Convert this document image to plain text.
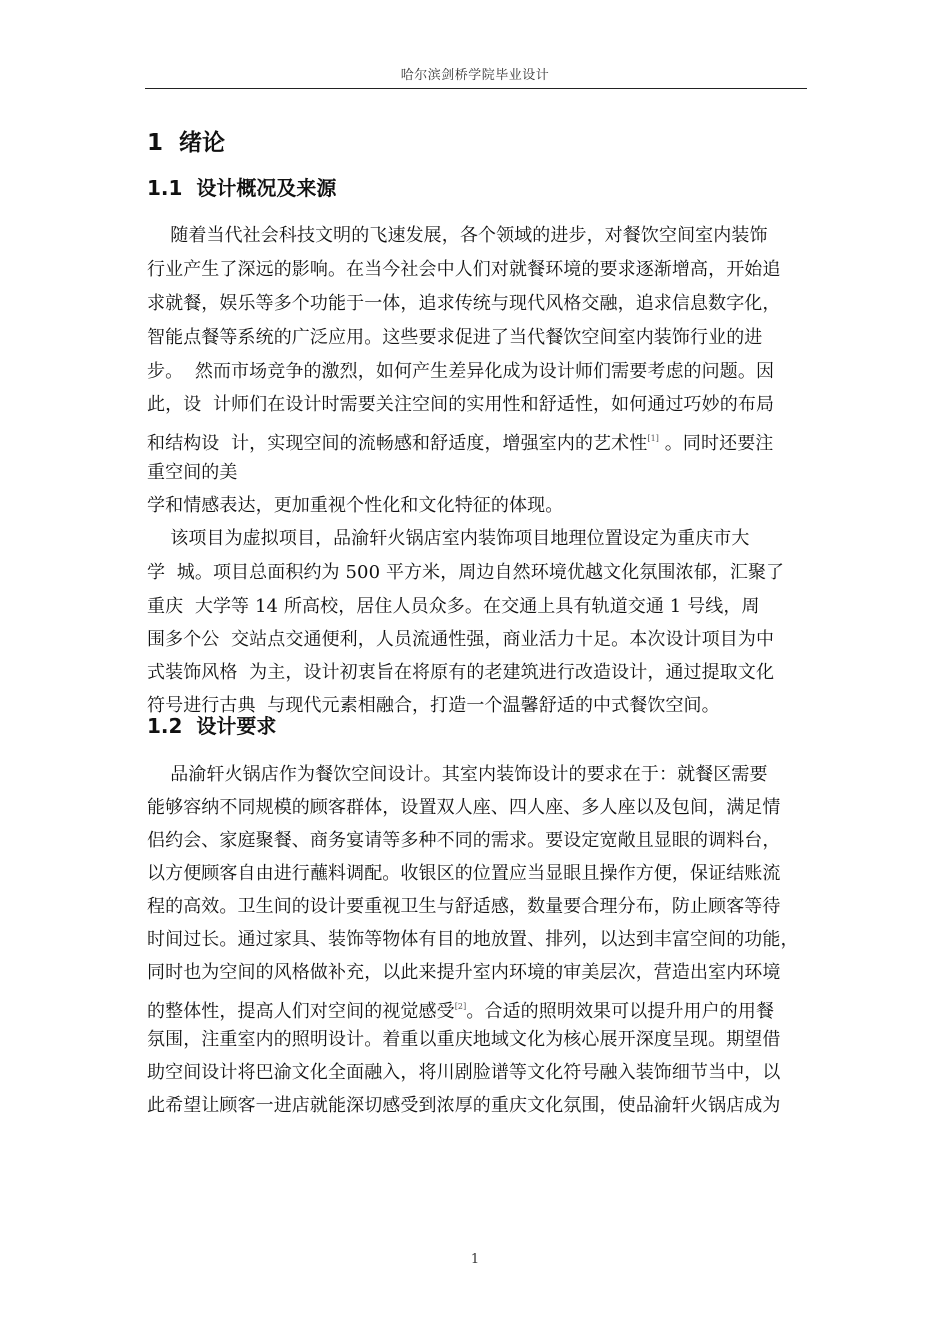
哈尔滨剑桥学院毕业设计
1  绪论
1.1  设计概况及来源
随着当代社会科技文明的飞速发展，各个领域的进步，对餐饮空间室内装饰
行业产生了深远的影响。在当今社会中人们对就餐环境的要求逐渐增高，开始追
求就餐，娱乐等多个功能于一体，追求传统与现代风格交融，追求信息数字化，
智能点餐等系统的广泛应用。这些要求促进了当代餐饮空间室内装饰行业的进
步。  然而市场竞争的激烈，如何产生差异化成为设计师们需要考虑的问题。因
此，设  计师们在设计时需要关注空间的实用性和舒适性，如何通过巧妙的布局
和结构设  计，实现空间的流畅感和舒适度，增强室内的艺术性[1] 。同时还要注
重空间的美
学和情感表达，更加重视个性化和文化特征的体现。
该项目为虚拟项目，品渝轩火锅店室内装饰项目地理位置设定为重庆市大
学  城。项目总面积约为 500 平方米，周边自然环境优越文化氛围浓郁，汇聚了
重庆  大学等 14 所高校，居住人员众多。在交通上具有轨道交通 1 号线，周
围多个公  交站点交通便利，人员流通性强，商业活力十足。本次设计项目为中
式装饰风格  为主，设计初衷旨在将原有的老建筑进行改造设计，通过提取文化
符号进行古典  与现代元素相融合，打造一个温馨舒适的中式餐饮空间。
1.2  设计要求
品渝轩火锅店作为餐饮空间设计。其室内装饰设计的要求在于：就餐区需要
能够容纳不同规模的顾客群体，设置双人座、四人座、多人座以及包间，满足情
侣约会、家庭聚餐、商务宴请等多种不同的需求。要设定宽敞且显眼的调料台，
以方便顾客自由进行蘸料调配。收银区的位置应当显眼且操作方便，保证结账流
程的高效。卫生间的设计要重视卫生与舒适感，数量要合理分布，防止顾客等待
时间过长。通过家具、装饰等物体有目的地放置、排列，以达到丰富空间的功能，
同时也为空间的风格做补充，以此来提升室内环境的审美层次，营造出室内环境
的整体性，提高人们对空间的视觉感受[2]。合适的照明效果可以提升用户的用餐
氛围，注重室内的照明设计。着重以重庆地域文化为核心展开深度呈现。期望借
助空间设计将巴渝文化全面融入，将川剧脸谱等文化符号融入装饰细节当中，以
此希望让顾客一进店就能深切感受到浓厚的重庆文化氛围，使品渝轩火锅店成为
1
